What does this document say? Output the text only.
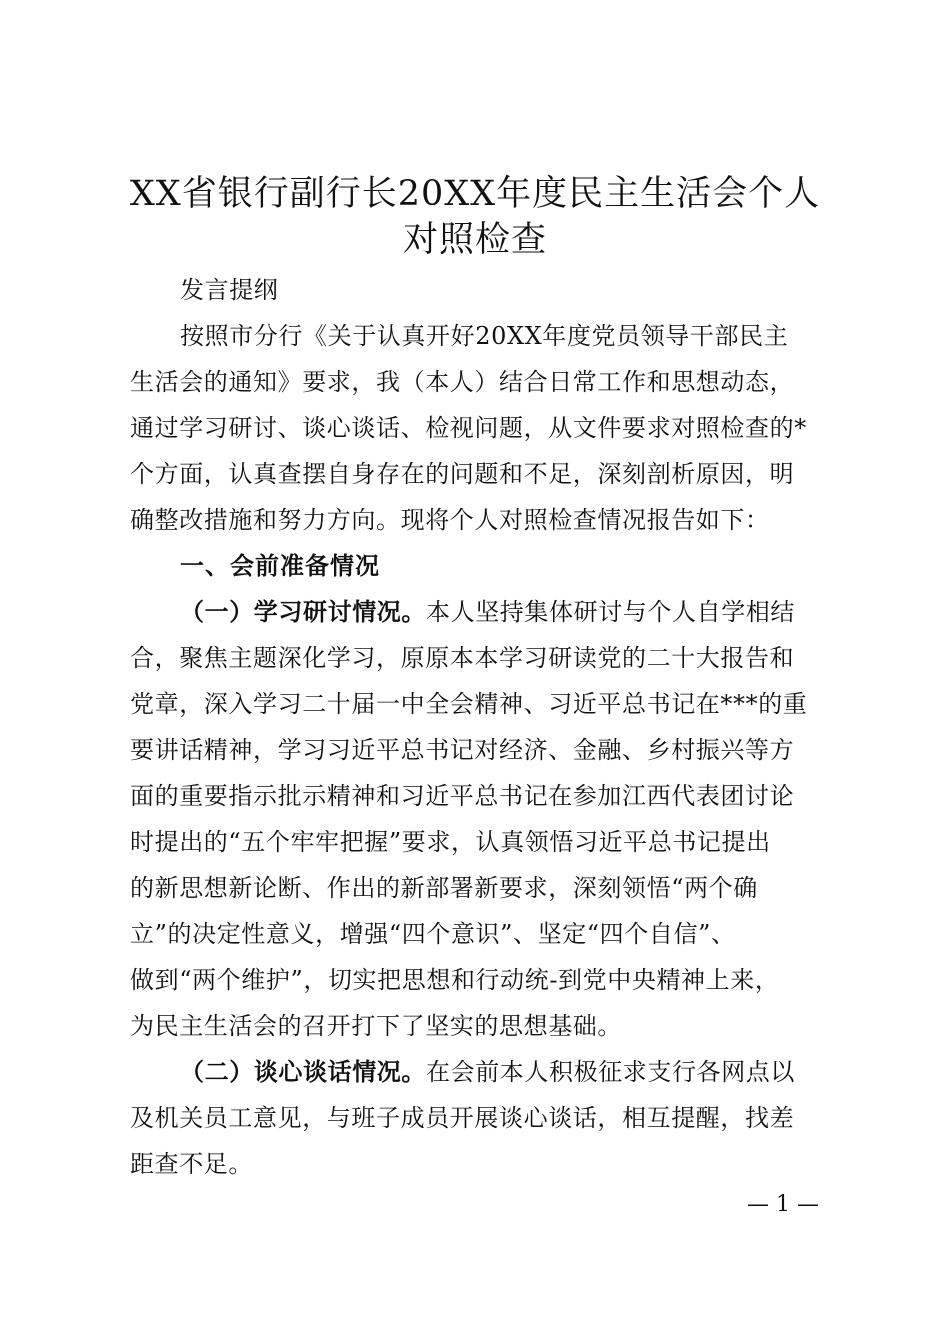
XX省银行副行长20XX年度民主生活会个人
对照检查

发言提纲

按照市分行《关于认真开好20XX年度党员领导干部民主

生活会的通知》要求，我（本人）结合日常工作和思想动态，

通过学习研讨、谈心谈话、检视问题，从文件要求对照检查的*

个方面，认真查摆自身存在的问题和不足，深刻剖析原因，明

确整改措施和努力方向。现将个人对照检查情况报告如下：

一、会前准备情况

（一）学习研讨情况。本人坚持集体研讨与个人自学相结

合，聚焦主题深化学习，原原本本学习研读党的二十大报告和

党章，深入学习二十届一中全会精神、习近平总书记在***的重

要讲话精神，学习习近平总书记对经济、金融、乡村振兴等方

面的重要指示批示精神和习近平总书记在参加江西代表团讨论

时提出的“五个牢牢把握”要求，认真领悟习近平总书记提出

的新思想新论断、作出的新部署新要求，深刻领悟“两个确

立”的决定性意义，增强“四个意识”、坚定“四个自信”、

做到“两个维护”，切实把思想和行动统-到党中央精神上来，

为民主生活会的召开打下了坚实的思想基础。

（二）谈心谈话情况。在会前本人积极征求支行各网点以

及机关员工意见，与班子成员开展谈心谈话，相互提醒，找差

距查不足。

— 1 —
